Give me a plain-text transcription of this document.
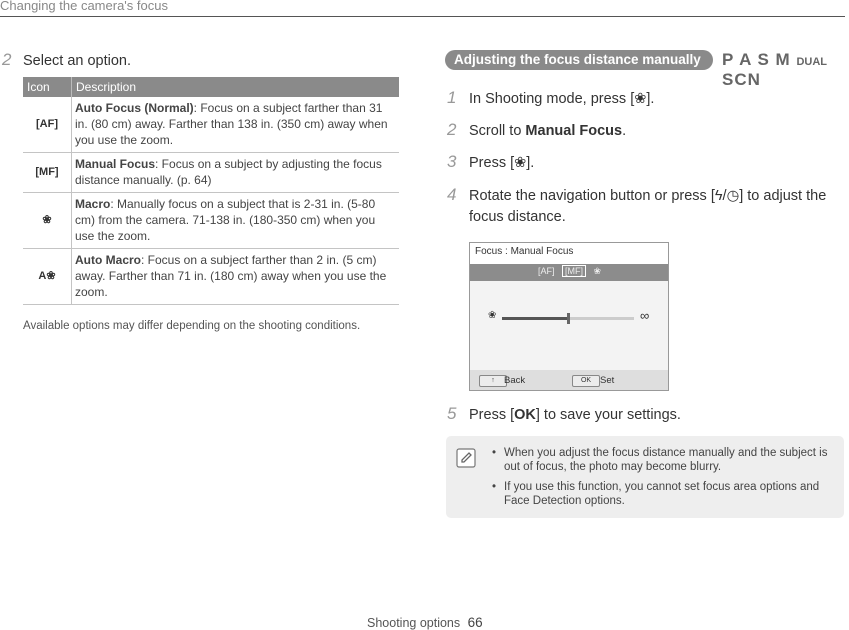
Changing the camera's focus
2 Select an option.
Icon	Description
[AF]	Auto Focus (Normal): Focus on a subject farther than 31 in. (80 cm) away. Farther than 138 in. (350 cm) away when you use the zoom.
[MF]	Manual Focus: Focus on a subject by adjusting the focus distance manually. (p. 64)
❀	Macro: Manually focus on a subject that is 2-31 in. (5-80 cm) from the camera. 71-138 in. (180-350 cm) when you use the zoom.
A❀	Auto Macro: Focus on a subject farther than 2 in. (5 cm) away. Farther than 71 in. (180 cm) away when you use the zoom.
Available options may differ depending on the shooting conditions.
Adjusting the focus distance manually	P A S M DUAL SCN
1 In Shooting mode, press [❀].
2 Scroll to Manual Focus.
3 Press [❀].
4 Rotate the navigation button or press [ϟ/◷] to adjust the focus distance.
Focus : Manual Focus
[AF] [MF] ❀
❀	∞
↑ Back	OK Set
5 Press [OK] to save your settings.
• When you adjust the focus distance manually and the subject is out of focus, the photo may become blurry.
• If you use this function, you cannot set focus area options and Face Detection options.
Shooting options 66
